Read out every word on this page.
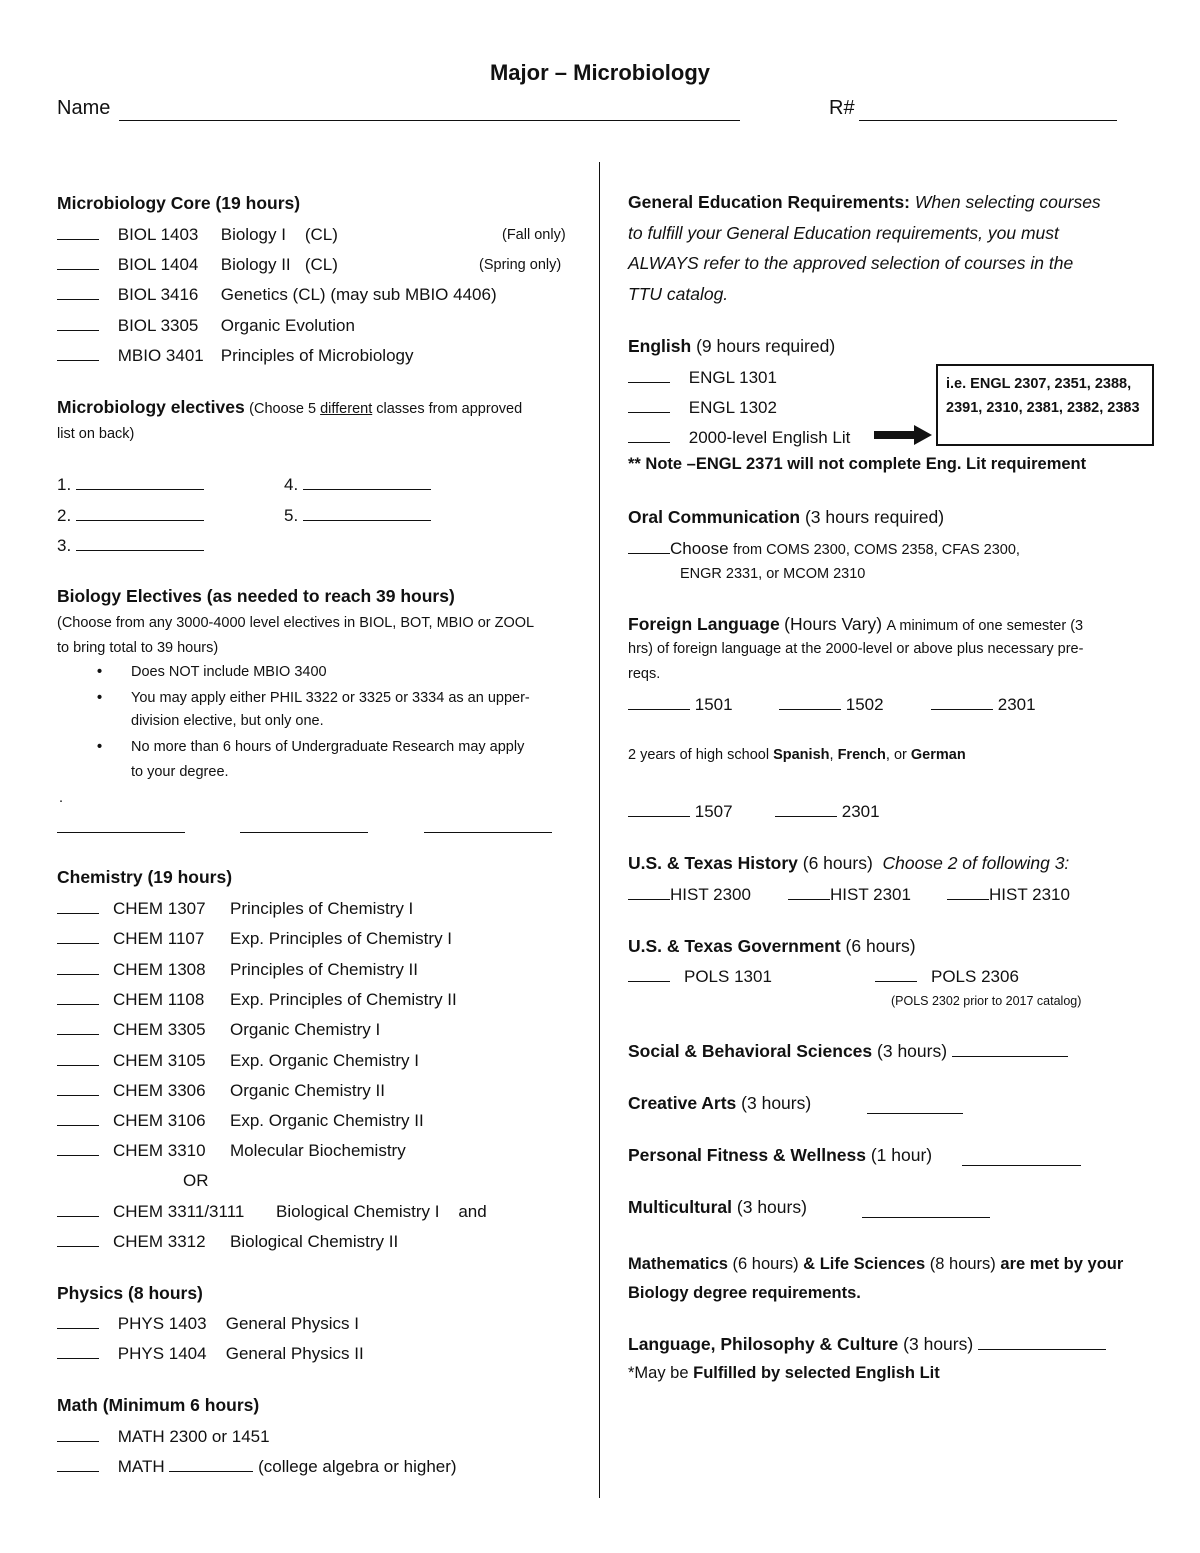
Major – Microbiology
Name	R#
Microbiology Core (19 hours)
BIOL 1403 Biology I    (CL)	(Fall only)
BIOL 1404 Biology II   (CL)	(Spring only)
BIOL 3416 Genetics (CL) (may sub MBIO 4406)
BIOL 3305 Organic Evolution
MBIO 3401 Principles of Microbiology
Microbiology electives (Choose 5 different classes from approved
list on back)
1.
2.
3.
4.
5.
Biology Electives (as needed to reach 39 hours)
(Choose from any 3000-4000 level electives in BIOL, BOT, MBIO or ZOOL
to bring total to 39 hours)
• Does NOT include MBIO 3400
• You may apply either PHIL 3322 or 3325 or 3334 as an upper-
division elective, but only one.
• No more than 6 hours of Undergraduate Research may apply
to your degree.
.
Chemistry (19 hours)
CHEM 1307 Principles of Chemistry I
CHEM 1107 Exp. Principles of Chemistry I
CHEM 1308 Principles of Chemistry II
CHEM 1108 Exp. Principles of Chemistry II
CHEM 3305 Organic Chemistry I
CHEM 3105 Exp. Organic Chemistry I
CHEM 3306 Organic Chemistry II
CHEM 3106 Exp. Organic Chemistry II
CHEM 3310 Molecular Biochemistry
OR
CHEM 3311/3111 Biological Chemistry I    and
CHEM 3312 Biological Chemistry II
Physics (8 hours)
PHYS 1403 General Physics I
PHYS 1404 General Physics II
Math (Minimum 6 hours)
MATH 2300 or 1451
MATH	(college algebra or higher)
General Education Requirements: When selecting courses
to fulfill your General Education requirements, you must
ALWAYS refer to the approved selection of courses in the
TTU catalog.
English (9 hours required)
ENGL 1301
ENGL 1302
2000-level English Lit
i.e. ENGL 2307, 2351, 2388, 2391, 2310, 2381, 2382, 2383
** Note –ENGL 2371 will not complete Eng. Lit requirement
Oral Communication (3 hours required)
Choose from COMS 2300, COMS 2358, CFAS 2300,
ENGR 2331, or MCOM 2310
Foreign Language (Hours Vary) A minimum of one semester (3
hrs) of foreign language at the 2000-level or above plus necessary pre-
reqs.
1501	1502	2301
2 years of high school Spanish, French, or German
1507	2301
U.S. & Texas History (6 hours) Choose 2 of following 3:
HIST 2300	HIST 2301	HIST 2310
U.S. & Texas Government (6 hours)
POLS 1301	POLS 2306
(POLS 2302 prior to 2017 catalog)
Social & Behavioral Sciences (3 hours)
Creative Arts (3 hours)
Personal Fitness & Wellness (1 hour)
Multicultural (3 hours)
Mathematics (6 hours) & Life Sciences (8 hours) are met by your
Biology degree requirements.
Language, Philosophy & Culture (3 hours)
*May be Fulfilled by selected English Lit
